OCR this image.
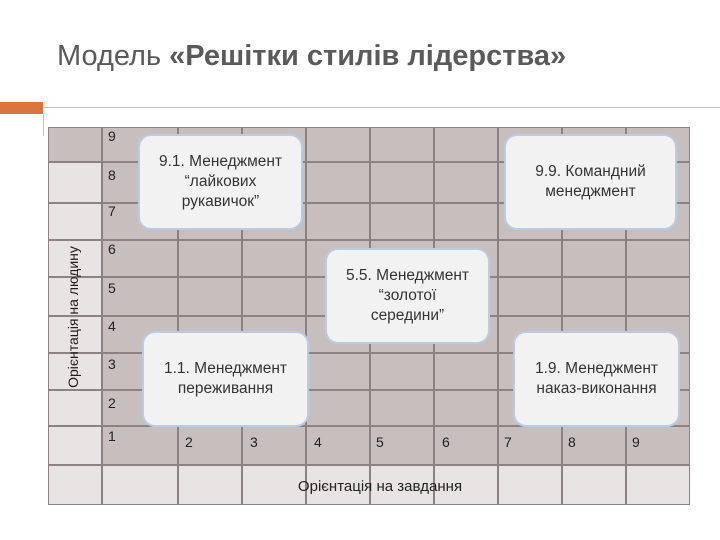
Модель «Решітки стилів лідерства»
Орієнтація на людину
9
8
7
6
5
4
3
2
1	2	3	4	5	6	7	8	9
Орієнтація на завдання
9.1. Менеджмент
“лайкових
рукавичок”
9.9. Командний
менеджмент
5.5. Менеджмент
“золотої
середини”
1.1. Менеджмент
переживання
1.9. Менеджмент
наказ-виконання
